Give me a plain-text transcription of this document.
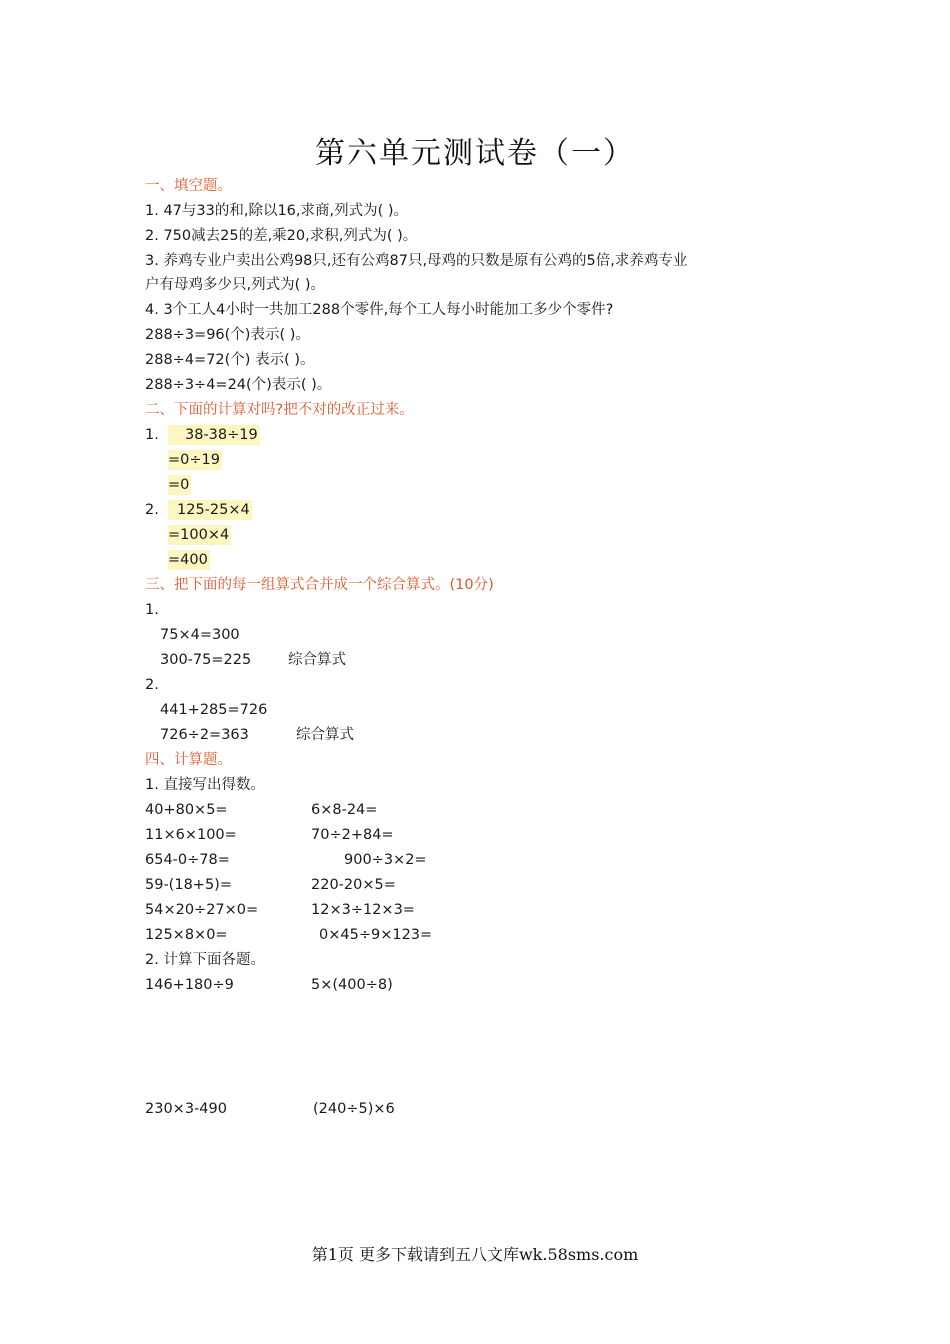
第六单元测试卷（一）
一、填空题。
1. 47与33的和,除以16,求商,列式为( )。
2. 750减去25的差,乘20,求积,列式为( )。
3. 养鸡专业户卖出公鸡98只,还有公鸡87只,母鸡的只数是原有公鸡的5倍,求养鸡专业
户有母鸡多少只,列式为( )。
4. 3个工人4小时一共加工288个零件,每个工人每小时能加工多少个零件?
288÷3=96(个)表示( )。
288÷4=72(个) 表示( )。
288÷3÷4=24(个)表示( )。
二、下面的计算对吗?把不对的改正过来。
1.	38-38÷19
=0÷19
=0
2.	125-25×4
=100×4
=400
三、把下面的每一组算式合并成一个综合算式。(10分)
1.
75×4=300
300-75=225	综合算式
2.
441+285=726
726÷2=363	综合算式
四、计算题。
1. 直接写出得数。
40+80×5=	6×8-24=
11×6×100=	70÷2+84=
654-0÷78=	900÷3×2=
59-(18+5)=	220-20×5=
54×20÷27×0=	12×3÷12×3=
125×8×0=	0×45÷9×123=
2. 计算下面各题。
146+180÷9	5×(400÷8)
230×3-490	(240÷5)×6
第1页 更多下载请到五八文库wk.58sms.com
